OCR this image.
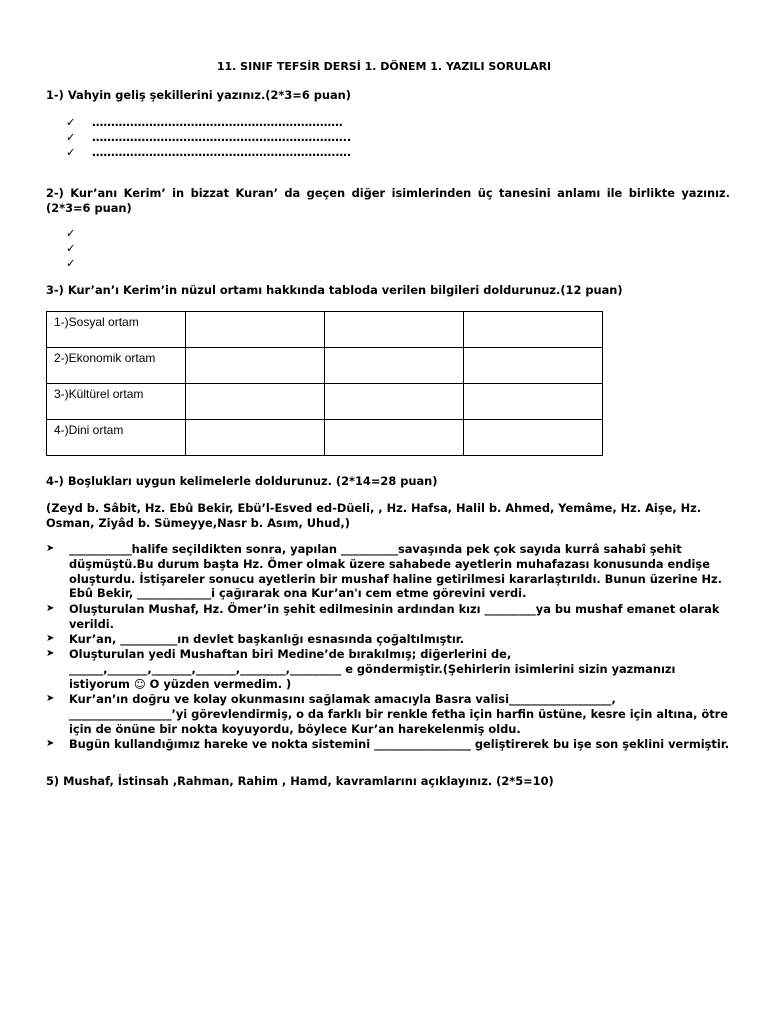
11. SINIF TEFSİR DERSİ 1. DÖNEM 1. YAZILI SORULARI
1-) Vahyin geliş şekillerini yazınız.(2*3=6 puan)
✓ …………………………………………………………
✓ …………………………………………………………..
✓ ……………………………………………………….….
2-) Kur’anı Kerim’ in bizzat Kuran’ da geçen diğer isimlerinden üç tanesini anlamı ile birlikte yazınız. (2*3=6 puan)
✓
✓
✓
3-) Kur’an’ı Kerim’in nüzul ortamı hakkında tabloda verilen bilgileri doldurunuz.(12 puan)
1-)Sosyal ortam			
2-)Ekonomik ortam			
3-)Kültürel ortam			
4-)Dini ortam			
4-) Boşlukları uygun kelimelerle doldurunuz. (2*14=28 puan)
(Zeyd b. Sâbit, Hz. Ebû Bekir, Ebü’l-Esved ed-Düeli, , Hz. Hafsa, Halil b. Ahmed, Yemâme, Hz. Aişe, Hz. Osman, Ziyâd b. Sümeyye,Nasr b. Asım, Uhud,)
➤ ___________halife seçildikten sonra, yapılan __________savaşında pek çok sayıda kurrâ sahabî şehit düşmüştü.Bu durum başta Hz. Ömer olmak üzere sahabede ayetlerin muhafazası konusunda endişe oluşturdu. İstişareler sonucu ayetlerin bir mushaf haline getirilmesi kararlaştırıldı. Bunun üzerine Hz. Ebû Bekir, _____________i çağırarak ona Kur’an'ı cem etme görevini verdi.
➤ Oluşturulan Mushaf, Hz. Ömer’in şehit edilmesinin ardından kızı _________ya bu mushaf emanet olarak verildi.
➤ Kur’an, __________ın devlet başkanlığı esnasında çoğaltılmıştır.
➤ Oluşturulan yedi Mushaftan biri Medine’de bırakılmış; diğerlerini de, ______,_______,_______,_______,________,_________ e göndermiştir.(Şehirlerin isimlerini sizin yazmanızı istiyorum ☺ O yüzden vermedim. )
➤ Kur’an’ın doğru ve kolay okunmasını sağlamak amacıyla Basra valisi__________________, __________________’yi görevlendirmiş, o da farklı bir renkle fetha için harfin üstüne, kesre için altına, ötre için de önüne bir nokta koyuyordu, böylece Kur’an harekelenmiş oldu.
➤ Bugün kullandığımız hareke ve nokta sistemini _________________ geliştirerek bu işe son şeklini vermiştir.
5) Mushaf, İstinsah ,Rahman, Rahim , Hamd, kavramlarını açıklayınız. (2*5=10)
